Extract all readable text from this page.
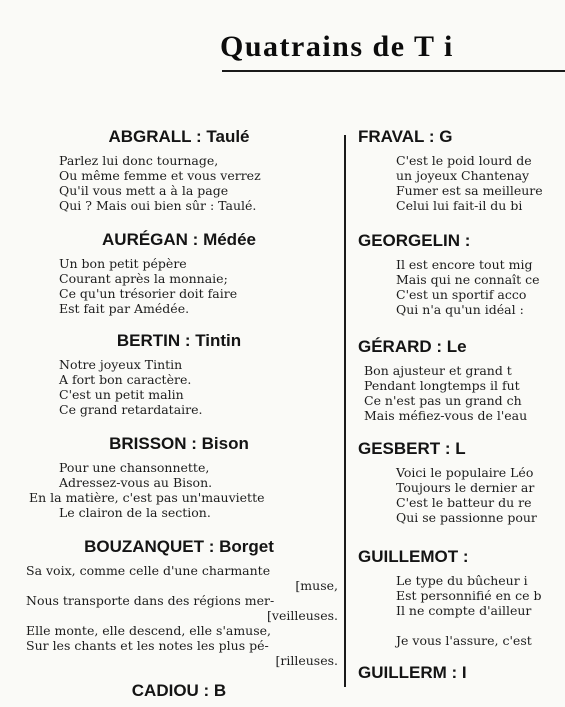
Quatrains de T i
ABGRALL : Taulé
Parlez lui donc tournage,
Ou même femme et vous verrez
Qu'il vous mett a à la page
Qui ? Mais oui bien sûr : Taulé.
AURÉGAN : Médée
Un bon petit pépère
Courant après la monnaie;
Ce qu'un trésorier doit faire
Est fait par Amédée.
BERTIN : Tintin
Notre joyeux Tintin
A fort bon caractère.
C'est un petit malin
Ce grand retardataire.
BRISSON : Bison
Pour une chansonnette,
Adressez-vous au Bison.
En la matière, c'est pas un'mauviette
Le clairon de la section.
BOUZANQUET : Borget
Sa voix, comme celle d'une charmante
[muse,
Nous transporte dans des régions mer-
[veilleuses.
Elle monte, elle descend, elle s'amuse,
Sur les chants et les notes les plus pé-
[rilleuses.
CADIOU : B
FRAVAL : G
C'est le poid lourd de
un joyeux Chantenay
Fumer est sa meilleure
Celui lui fait-il du bi
GEORGELIN :
Il est encore tout mig
Mais qui ne connaît ce
C'est un sportif acco
Qui n'a qu'un idéal :
GÉRARD : Le
Bon ajusteur et grand t
Pendant longtemps il fut
Ce n'est pas un grand ch
Mais méfiez-vous de l'eau
GESBERT : L
Voici le populaire Léo
Toujours le dernier ar
C'est le batteur du re
Qui se passionne pour
GUILLEMOT :
Le type du bûcheur i
Est personnifié en ce b
Il ne compte d'ailleur

Je vous l'assure, c'est
GUILLERM : I
